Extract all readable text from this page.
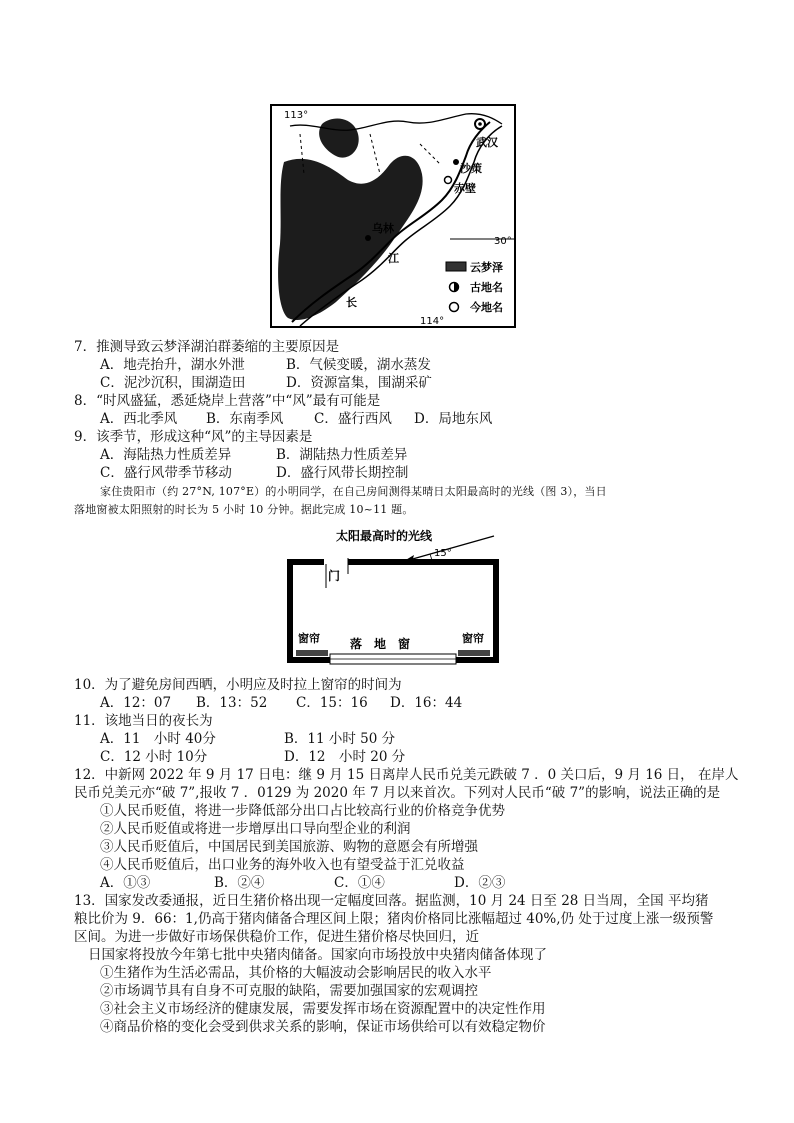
113°
114°
30°
武汉
沙策
赤壁
乌林
江
长
云梦泽
古地名
今地名
7．推测导致云梦泽湖泊群萎缩的主要原因是
A．地壳抬升，湖水外泄	B．气候变暖，湖水蒸发
C．泥沙沉积，围湖造田	D．资源富集，围湖采矿
8．“时风盛猛，悉延烧岸上营落”中“风”最有可能是
A．西北季风 B．东南季风 C．盛行西风 D．局地东风
9．该季节，形成这种“风”的主导因素是
A．海陆热力性质差异	B．湖陆热力性质差异
C．盛行风带季节移动	D．盛行风带长期控制
家住贵阳市（约 27°N, 107°E）的小明同学，在自己房间测得某晴日太阳最高时的光线（图 3），当日
落地窗被太阳照射的时长为 5 小时 10 分钟。据此完成 10~11 题。
太阳最高时的光线
15°
门
落　地　窗
窗帘	窗帘
10．为了避免房间西晒，小明应及时拉上窗帘的时间为
A．12：07 B．13：52 C．15：16 D．16：44
11．该地当日的夜长为
A．11　小时 40分	B．11 小时 50 分
C．12 小时 10分	D．12　小时 20 分
12．中新网 2022 年 9 月 17 日电：继 9 月 15 日离岸人民币兑美元跌破 7 ．0 关口后，9 月 16 日， 在岸人
民币兑美元亦“破 7”,报收 7 ．0129 为 2020 年 7 月以来首次。下列对人民币“破 7”的影响，说法正确的是
①人民币贬值，将进一步降低部分出口占比较高行业的价格竞争优势
②人民币贬值或将进一步增厚出口导向型企业的利润
③人民币贬值后，中国居民到美国旅游、购物的意愿会有所增强
④人民币贬值后，出口业务的海外收入也有望受益于汇兑收益
A．①③	B．②④	C．①④	D．②③
13．国家发改委通报，近日生猪价格出现一定幅度回落。据监测，10 月 24 日至 28 日当周，全国 平均猪
粮比价为 9．66：1,仍高于猪肉储备合理区间上限；猪肉价格同比涨幅超过 40%,仍 处于过度上涨一级预警
区间。为进一步做好市场保供稳价工作，促进生猪价格尽快回归，近
日国家将投放今年第七批中央猪肉储备。国家向市场投放中央猪肉储备体现了
①生猪作为生活必需品，其价格的大幅波动会影响居民的收入水平
②市场调节具有自身不可克服的缺陷，需要加强国家的宏观调控
③社会主义市场经济的健康发展，需要发挥市场在资源配置中的决定性作用
④商品价格的变化会受到供求关系的影响，保证市场供给可以有效稳定物价
